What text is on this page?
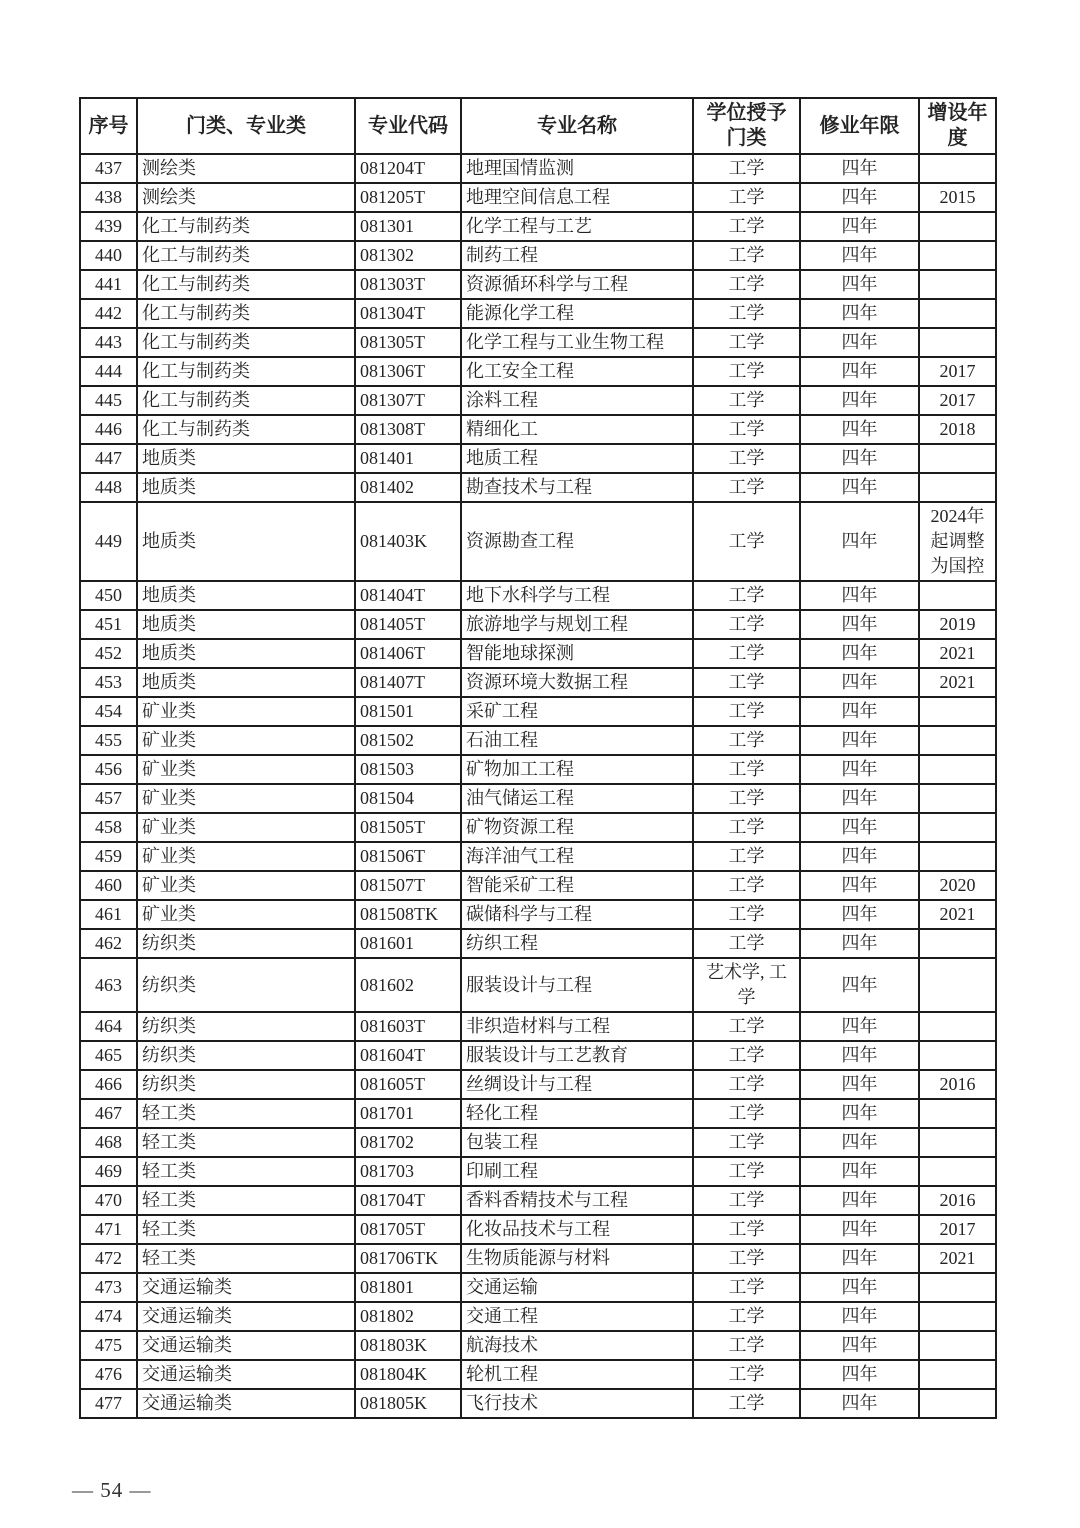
序号	门类、专业类	专业代码	专业名称	学位授予门类	修业年限	增设年度
437	测绘类	081204T	地理国情监测	工学	四年	
438	测绘类	081205T	地理空间信息工程	工学	四年	2015
439	化工与制药类	081301	化学工程与工艺	工学	四年	
440	化工与制药类	081302	制药工程	工学	四年	
441	化工与制药类	081303T	资源循环科学与工程	工学	四年	
442	化工与制药类	081304T	能源化学工程	工学	四年	
443	化工与制药类	081305T	化学工程与工业生物工程	工学	四年	
444	化工与制药类	081306T	化工安全工程	工学	四年	2017
445	化工与制药类	081307T	涂料工程	工学	四年	2017
446	化工与制药类	081308T	精细化工	工学	四年	2018
447	地质类	081401	地质工程	工学	四年	
448	地质类	081402	勘查技术与工程	工学	四年	
449	地质类	081403K	资源勘查工程	工学	四年	2024年起调整为国控
450	地质类	081404T	地下水科学与工程	工学	四年	
451	地质类	081405T	旅游地学与规划工程	工学	四年	2019
452	地质类	081406T	智能地球探测	工学	四年	2021
453	地质类	081407T	资源环境大数据工程	工学	四年	2021
454	矿业类	081501	采矿工程	工学	四年	
455	矿业类	081502	石油工程	工学	四年	
456	矿业类	081503	矿物加工工程	工学	四年	
457	矿业类	081504	油气储运工程	工学	四年	
458	矿业类	081505T	矿物资源工程	工学	四年	
459	矿业类	081506T	海洋油气工程	工学	四年	
460	矿业类	081507T	智能采矿工程	工学	四年	2020
461	矿业类	081508TK	碳储科学与工程	工学	四年	2021
462	纺织类	081601	纺织工程	工学	四年	
463	纺织类	081602	服装设计与工程	艺术学, 工学	四年	
464	纺织类	081603T	非织造材料与工程	工学	四年	
465	纺织类	081604T	服装设计与工艺教育	工学	四年	
466	纺织类	081605T	丝绸设计与工程	工学	四年	2016
467	轻工类	081701	轻化工程	工学	四年	
468	轻工类	081702	包装工程	工学	四年	
469	轻工类	081703	印刷工程	工学	四年	
470	轻工类	081704T	香料香精技术与工程	工学	四年	2016
471	轻工类	081705T	化妆品技术与工程	工学	四年	2017
472	轻工类	081706TK	生物质能源与材料	工学	四年	2021
473	交通运输类	081801	交通运输	工学	四年	
474	交通运输类	081802	交通工程	工学	四年	
475	交通运输类	081803K	航海技术	工学	四年	
476	交通运输类	081804K	轮机工程	工学	四年	
477	交通运输类	081805K	飞行技术	工学	四年	
— 54 —
